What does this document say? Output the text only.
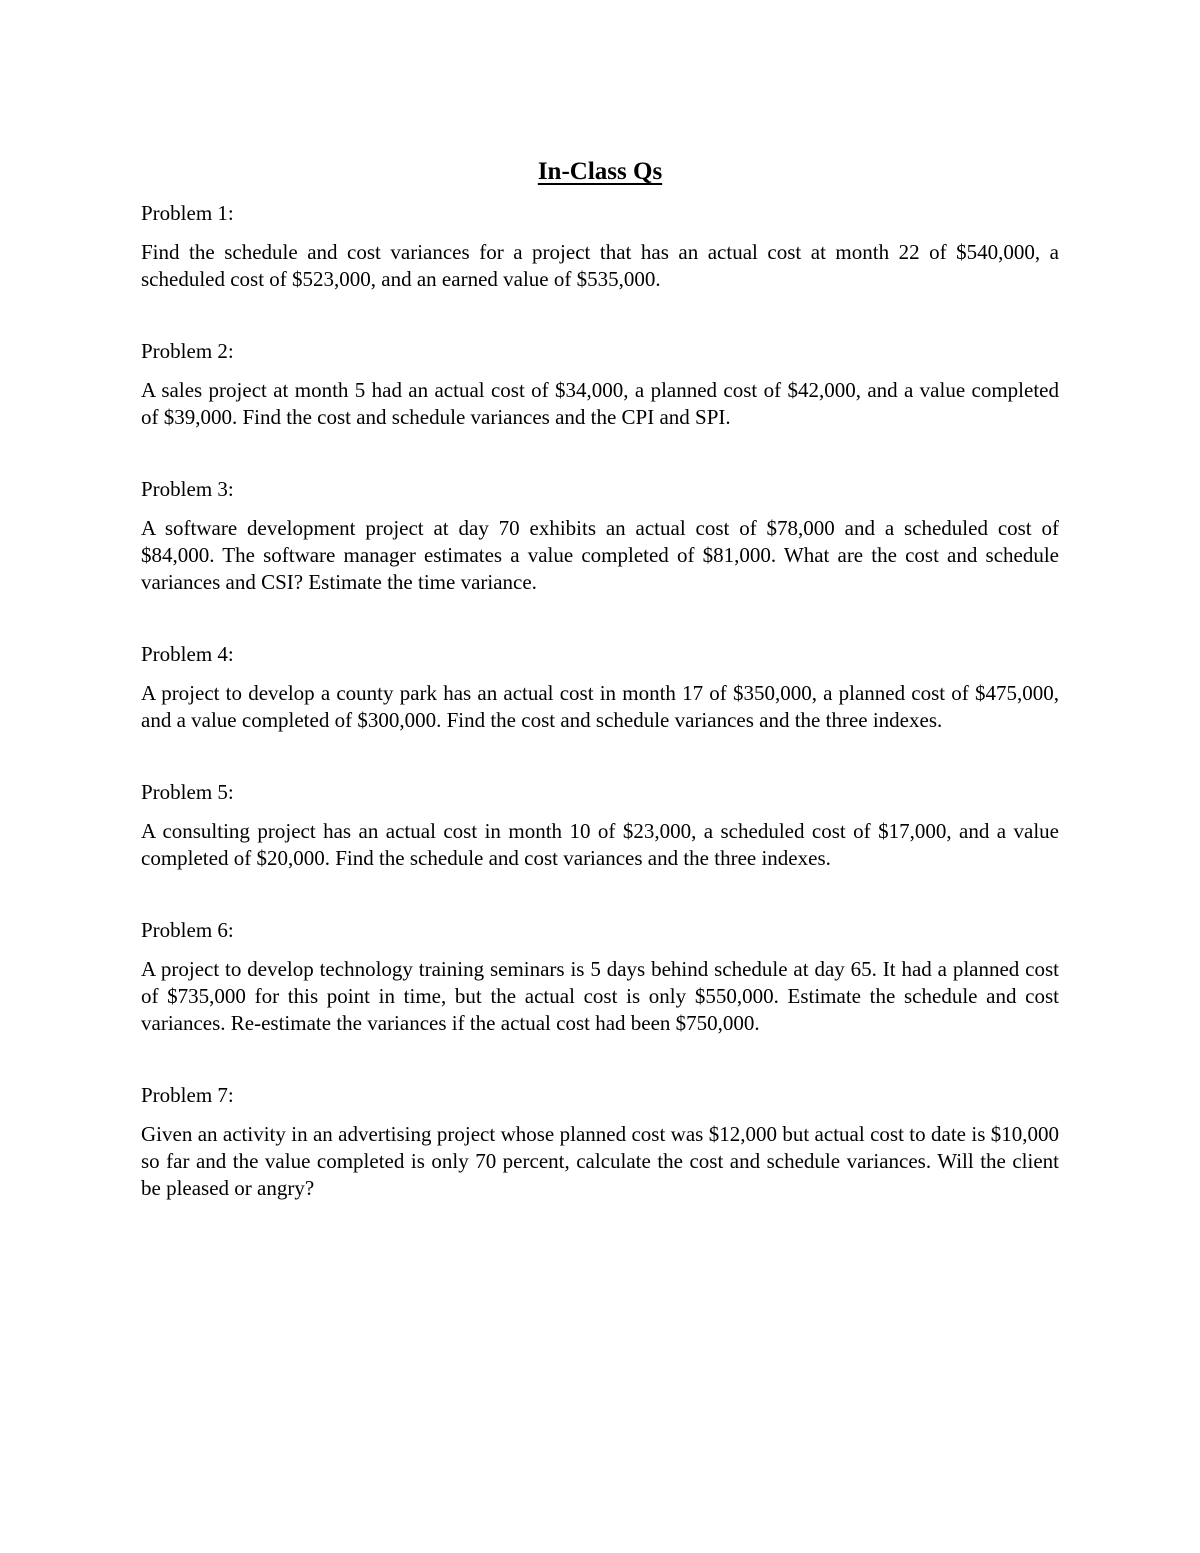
In-Class Qs
Problem 1:

Find the schedule and cost variances for a project that has an actual cost at month 22 of $540,000, a scheduled cost of $523,000, and an earned value of $535,000.

Problem 2:

A sales project at month 5 had an actual cost of $34,000, a planned cost of $42,000, and a value completed of $39,000. Find the cost and schedule variances and the CPI and SPI.

Problem 3:

A software development project at day 70 exhibits an actual cost of $78,000 and a scheduled cost of $84,000. The software manager estimates a value completed of $81,000. What are the cost and schedule variances and CSI? Estimate the time variance.

Problem 4:

A project to develop a county park has an actual cost in month 17 of $350,000, a planned cost of $475,000, and a value completed of $300,000. Find the cost and schedule variances and the three indexes.

Problem 5:

A consulting project has an actual cost in month 10 of $23,000, a scheduled cost of $17,000, and a value completed of $20,000. Find the schedule and cost variances and the three indexes.

Problem 6:

A project to develop technology training seminars is 5 days behind schedule at day 65. It had a planned cost of $735,000 for this point in time, but the actual cost is only $550,000. Estimate the schedule and cost variances. Re-estimate the variances if the actual cost had been $750,000.

Problem 7:

Given an activity in an advertising project whose planned cost was $12,000 but actual cost to date is $10,000 so far and the value completed is only 70 percent, calculate the cost and schedule variances. Will the client be pleased or angry?
